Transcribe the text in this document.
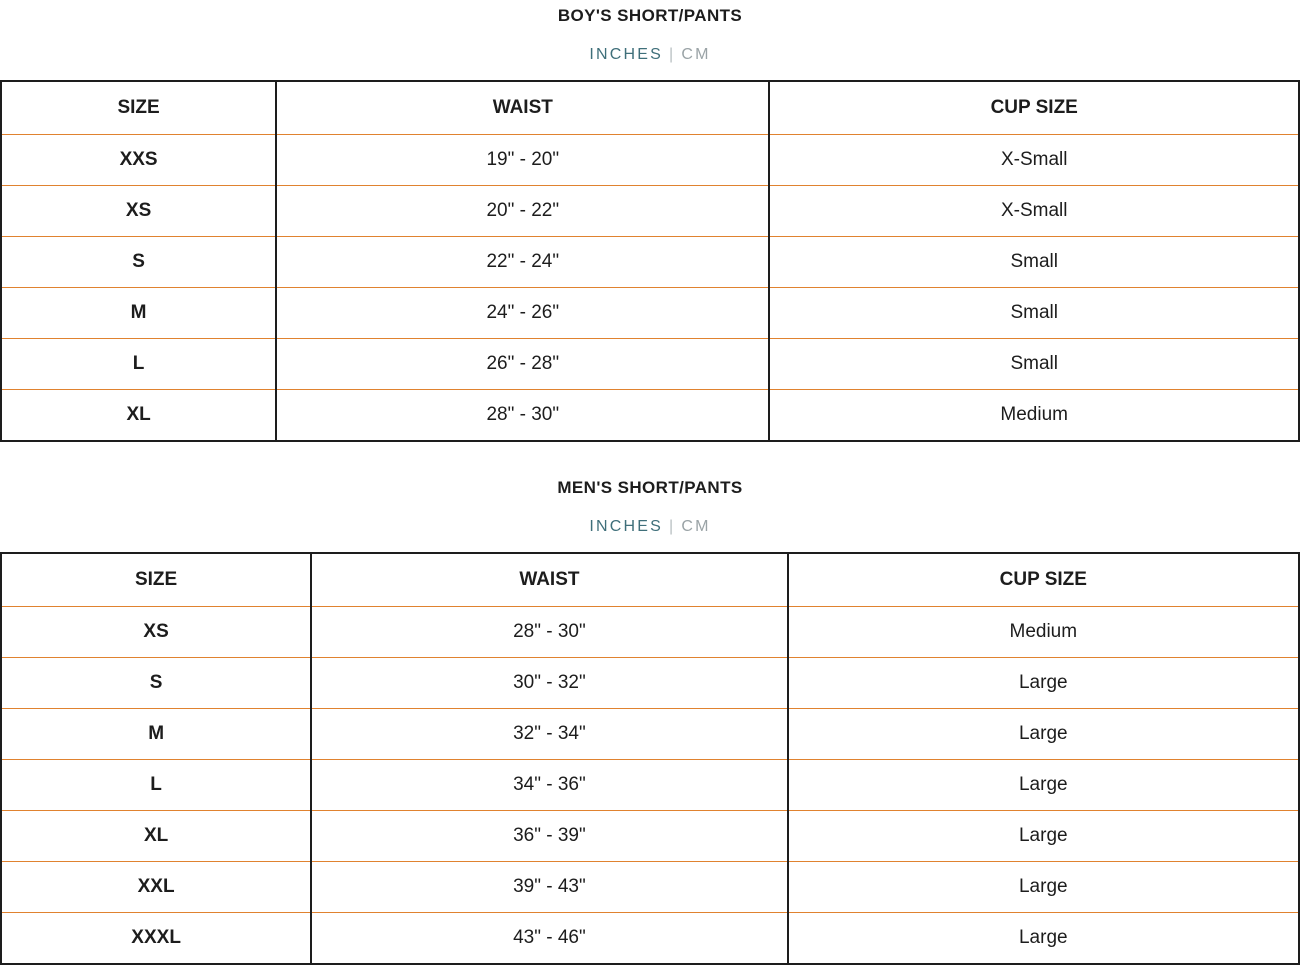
BOY'S SHORT/PANTS
INCHES | CM
SIZE	WAIST	CUP SIZE
XXS	19" - 20"	X-Small
XS	20" - 22"	X-Small
S	22" - 24"	Small
M	24" - 26"	Small
L	26" - 28"	Small
XL	28" - 30"	Medium
MEN'S SHORT/PANTS
INCHES | CM
SIZE	WAIST	CUP SIZE
XS	28" - 30"	Medium
S	30" - 32"	Large
M	32" - 34"	Large
L	34" - 36"	Large
XL	36" - 39"	Large
XXL	39" - 43"	Large
XXXL	43" - 46"	Large
